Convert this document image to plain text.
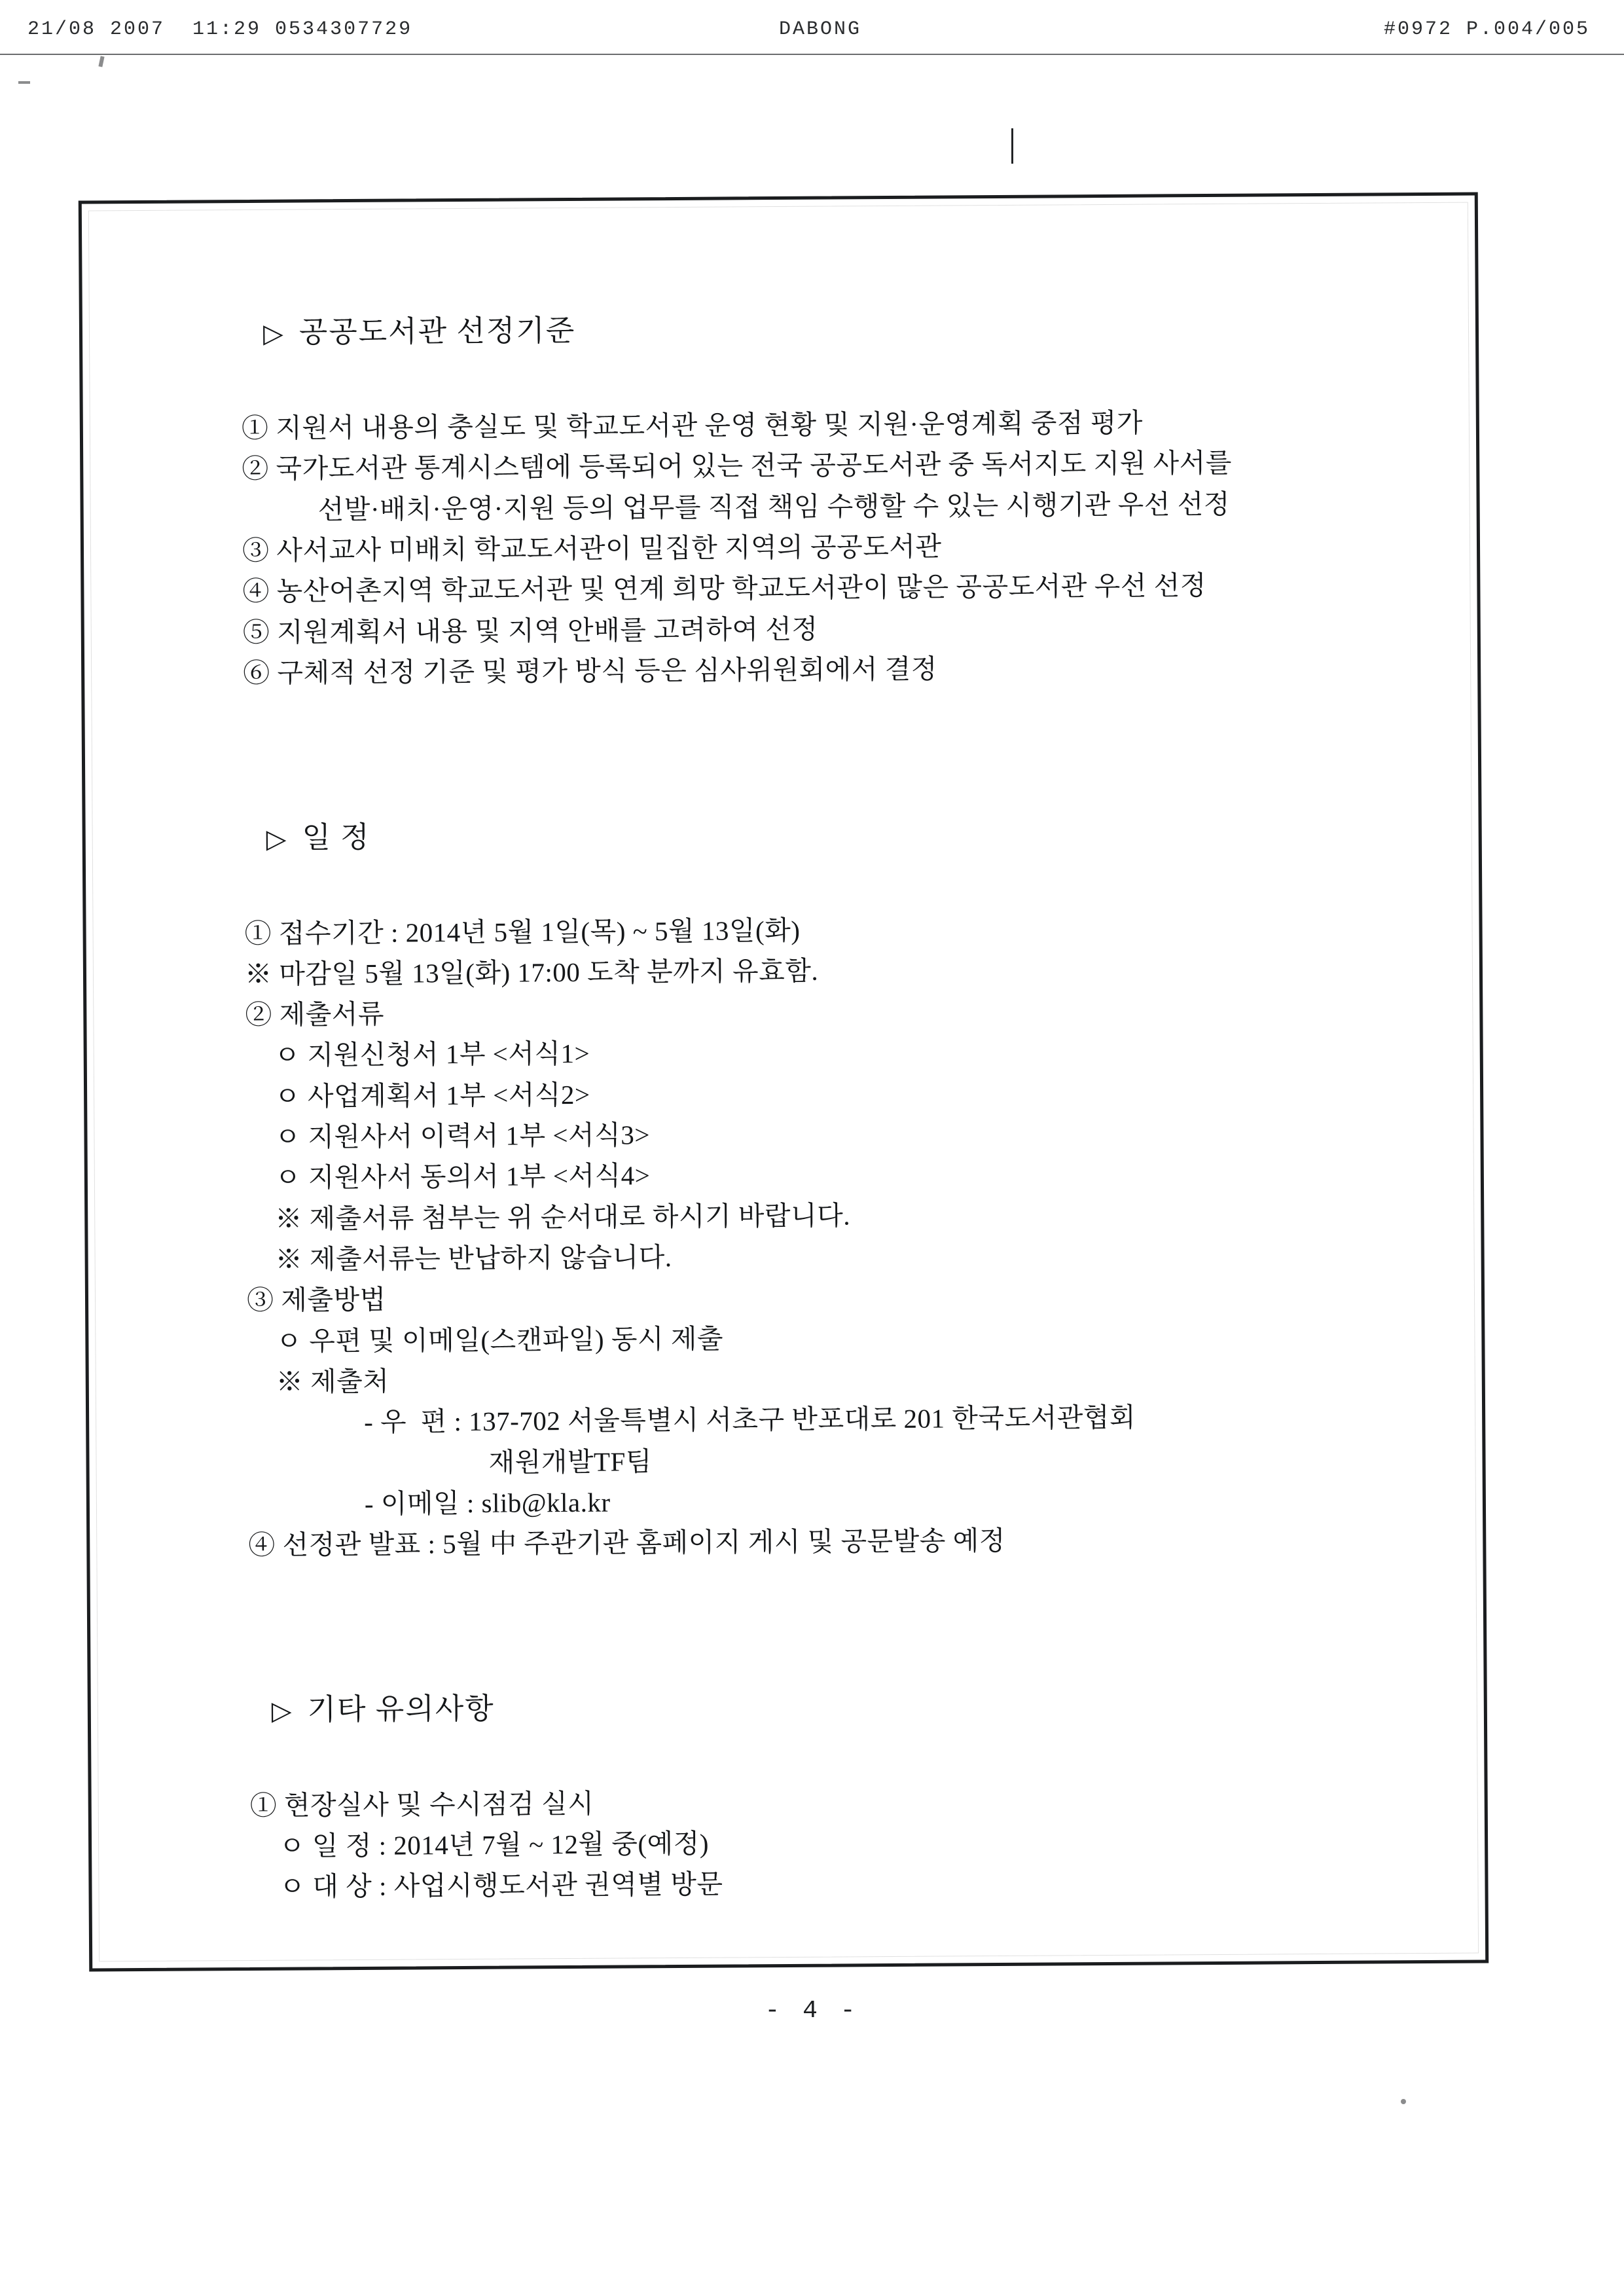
21/08 2007  11:29 0534307729	DABONG	#0972 P.004/005

▷ 공공도서관 선정기준

① 지원서 내용의 충실도 및 학교도서관 운영 현황 및 지원·운영계획 중점 평가
② 국가도서관 통계시스템에 등록되어 있는 전국 공공도서관 중 독서지도 지원 사서를
선발·배치·운영·지원 등의 업무를 직접 책임 수행할 수 있는 시행기관 우선 선정
③ 사서교사 미배치 학교도서관이 밀집한 지역의 공공도서관
④ 농산어촌지역 학교도서관 및 연계 희망 학교도서관이 많은 공공도서관 우선 선정
⑤ 지원계획서 내용 및 지역 안배를 고려하여 선정
⑥ 구체적 선정 기준 및 평가 방식 등은 심사위원회에서 결정

▷ 일 정

① 접수기간 : 2014년 5월 1일(목) ~ 5월 13일(화)
※ 마감일 5월 13일(화) 17:00 도착 분까지 유효함.
② 제출서류
ㅇ 지원신청서 1부 <서식1>
ㅇ 사업계획서 1부 <서식2>
ㅇ 지원사서 이력서 1부 <서식3>
ㅇ 지원사서 동의서 1부 <서식4>
※ 제출서류 첨부는 위 순서대로 하시기 바랍니다.
※ 제출서류는 반납하지 않습니다.
③ 제출방법
ㅇ 우편 및 이메일(스캔파일) 동시 제출
※ 제출처
- 우  편 : 137-702 서울특별시 서초구 반포대로 201 한국도서관협회
재원개발TF팀
- 이메일 : slib@kla.kr
④ 선정관 발표 : 5월 中 주관기관 홈페이지 게시 및 공문발송 예정

▷ 기타 유의사항

① 현장실사 및 수시점검 실시
ㅇ 일 정 : 2014년 7월 ~ 12월 중(예정)
ㅇ 대 상 : 사업시행도서관 권역별 방문
- 4 -
